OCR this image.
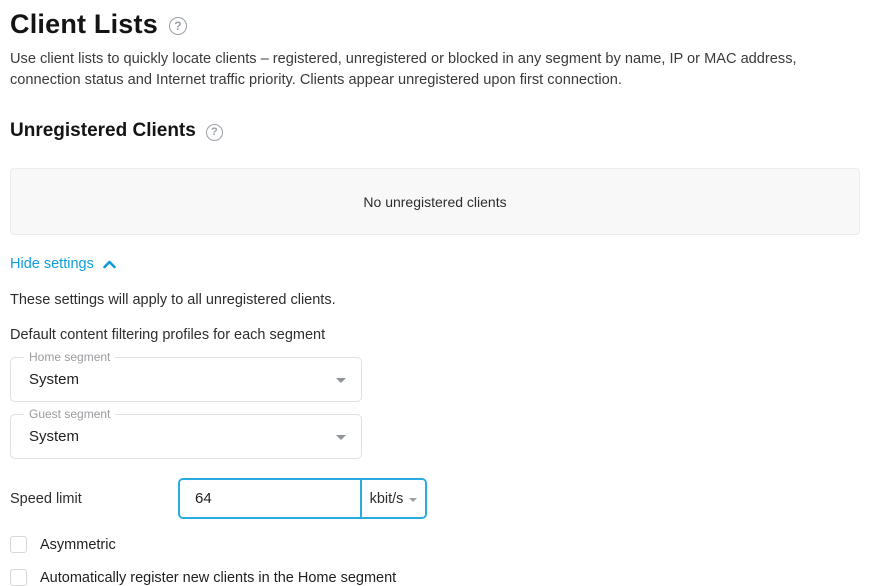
Client Lists	?

Use client lists to quickly locate clients – registered, unregistered or blocked in any segment by name, IP or MAC address, connection status and Internet traffic priority. Clients appear unregistered upon first connection.

Unregistered Clients	?
No unregistered clients
Hide settings
These settings will apply to all unregistered clients.
Default content filtering profiles for each segment
Home segment
System
Guest segment
System
Speed limit
64	kbit/s
Asymmetric
Automatically register new clients in the Home segment
